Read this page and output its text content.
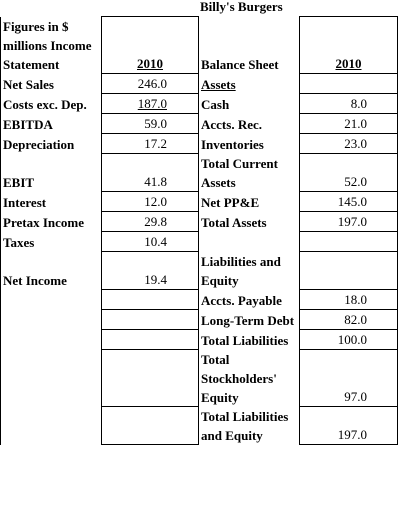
Billy's Burgers
Figures in $ millions Income Statement	2010	Balance Sheet	2010
Net Sales	246.0	Assets	
Costs exc. Dep.	187.0	Cash	8.0
EBITDA	59.0	Accts. Rec.	21.0
Depreciation	17.2	Inventories	23.0
EBIT	41.8	Total Current Assets	52.0
Interest	12.0	Net PP&E	145.0
Pretax Income	29.8	Total Assets	197.0
Taxes	10.4		
Net Income	19.4	Liabilities and Equity	
		Accts. Payable	18.0
		Long-Term Debt	82.0
		Total Liabilities	100.0
		Total Stockholders' Equity	97.0
		Total Liabilities and Equity	197.0
